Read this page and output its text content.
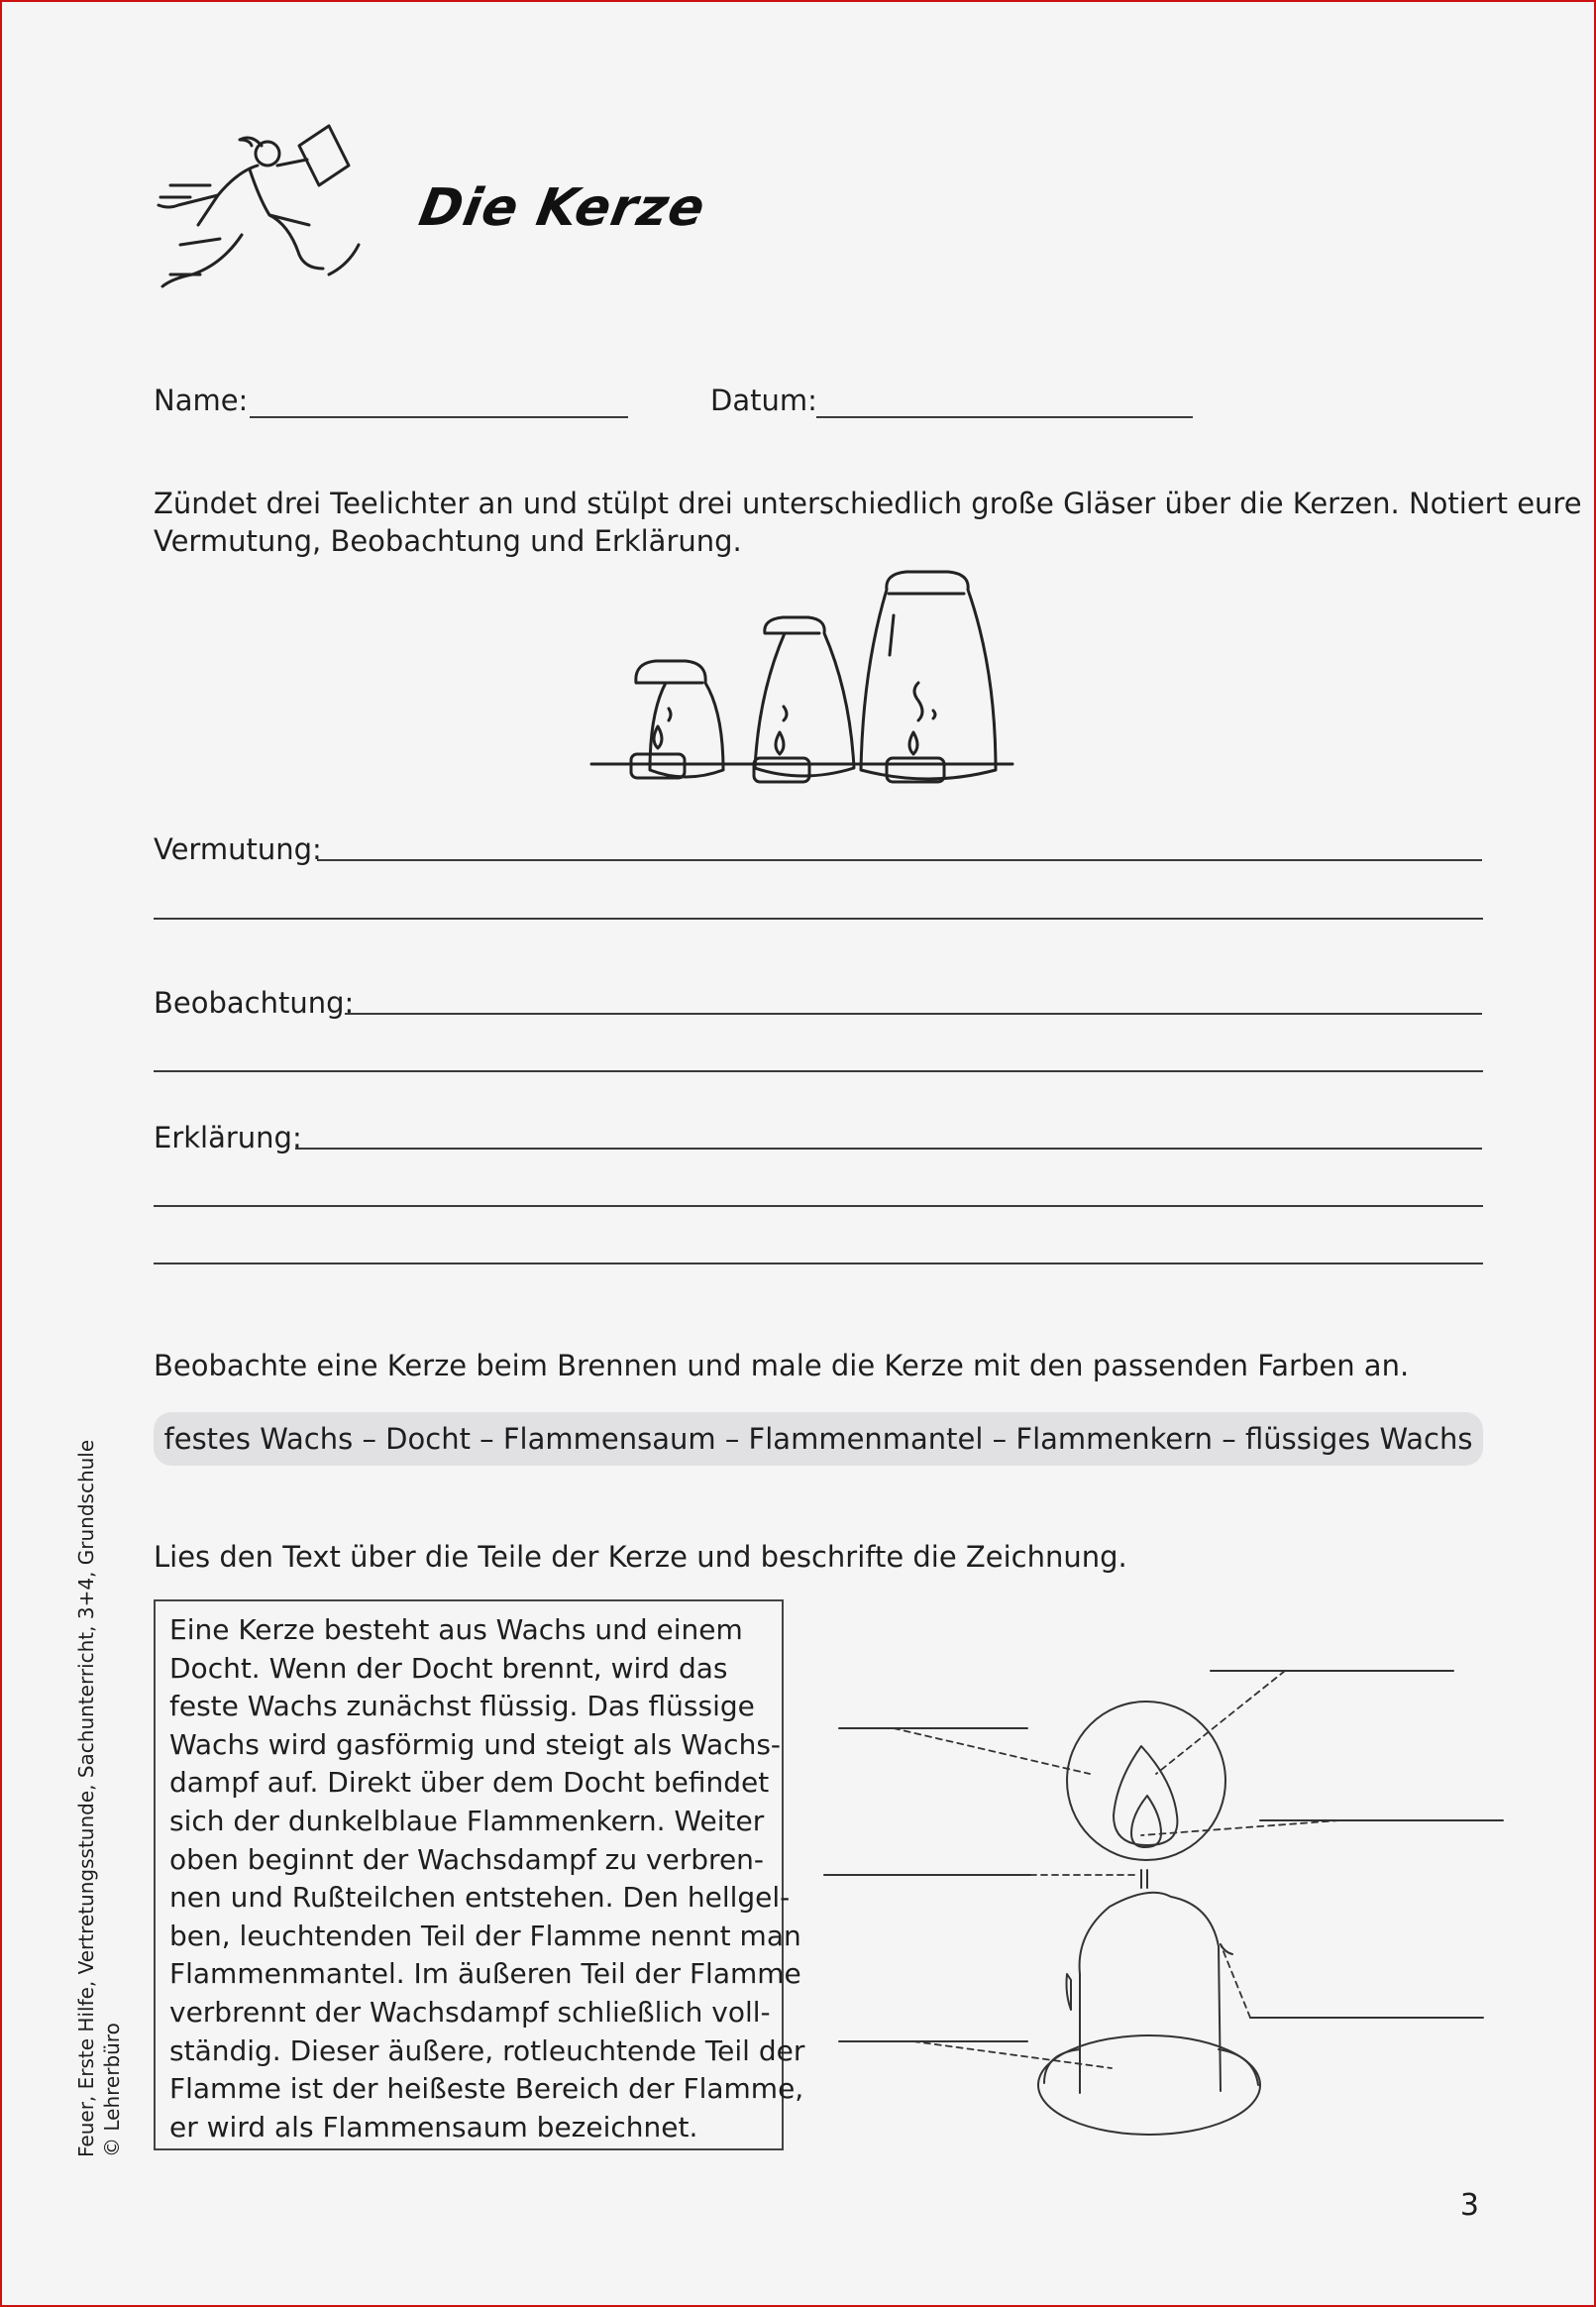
Die Kerze
Name:	Datum:
Zündet drei Teelichter an und stülpt drei unterschiedlich große Gläser über die Kerzen. Notiert eure
Vermutung, Beobachtung und Erklärung.
Vermutung:
Beobachtung:
Erklärung:
Beobachte eine Kerze beim Brennen und male die Kerze mit den passenden Farben an.
festes Wachs – Docht – Flammensaum – Flammenmantel – Flammenkern – flüssiges Wachs
Lies den Text über die Teile der Kerze und beschrifte die Zeichnung.
Eine Kerze besteht aus Wachs und einem
Docht. Wenn der Docht brennt, wird das
feste Wachs zunächst flüssig. Das flüssige
Wachs wird gasförmig und steigt als Wachs-
dampf auf. Direkt über dem Docht befindet
sich der dunkelblaue Flammenkern. Weiter
oben beginnt der Wachsdampf zu verbren-
nen und Rußteilchen entstehen. Den hellgel-
ben, leuchtenden Teil der Flamme nennt man
Flammenmantel. Im äußeren Teil der Flamme
verbrennt der Wachsdampf schließlich voll-
ständig. Dieser äußere, rotleuchtende Teil der
Flamme ist der heißeste Bereich der Flamme,
er wird als Flammensaum bezeichnet.
Feuer, Erste Hilfe, Vertretungsstunde, Sachunterricht, 3+4, Grundschule © Lehrerbüro
3
